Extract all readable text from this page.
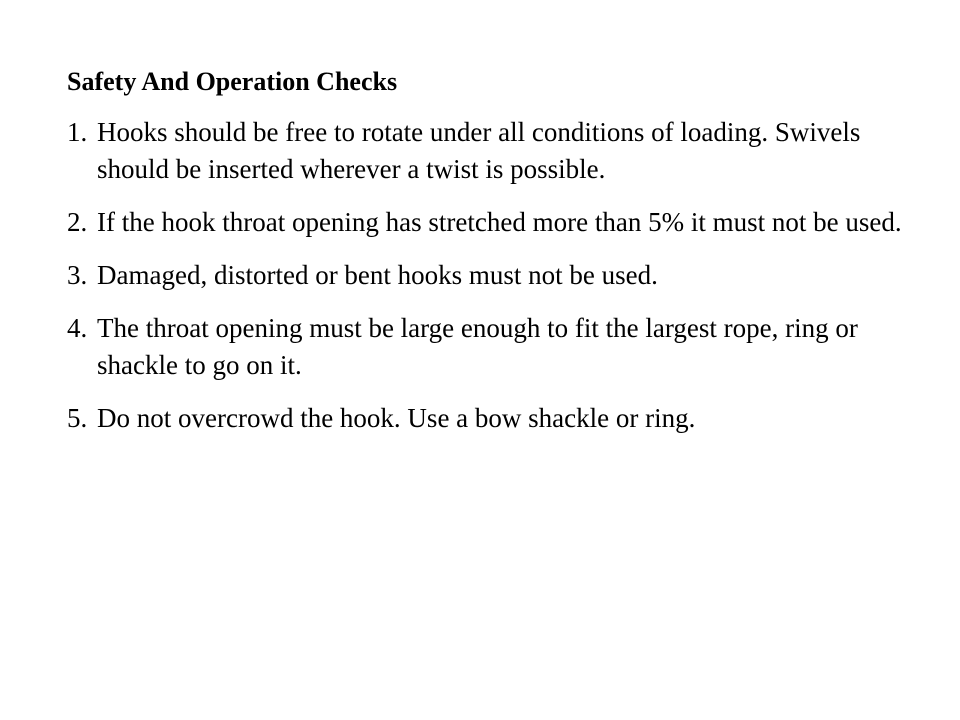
Safety And Operation Checks
1. Hooks should be free to rotate under all conditions of loading. Swivels should be inserted wherever a twist is possible.
2. If the hook throat opening has stretched more than 5% it must not be used.
3. Damaged, distorted or bent hooks must not be used.
4. The throat opening must be large enough to fit the largest rope, ring or shackle to go on it.
5. Do not overcrowd the hook. Use a bow shackle or ring.
